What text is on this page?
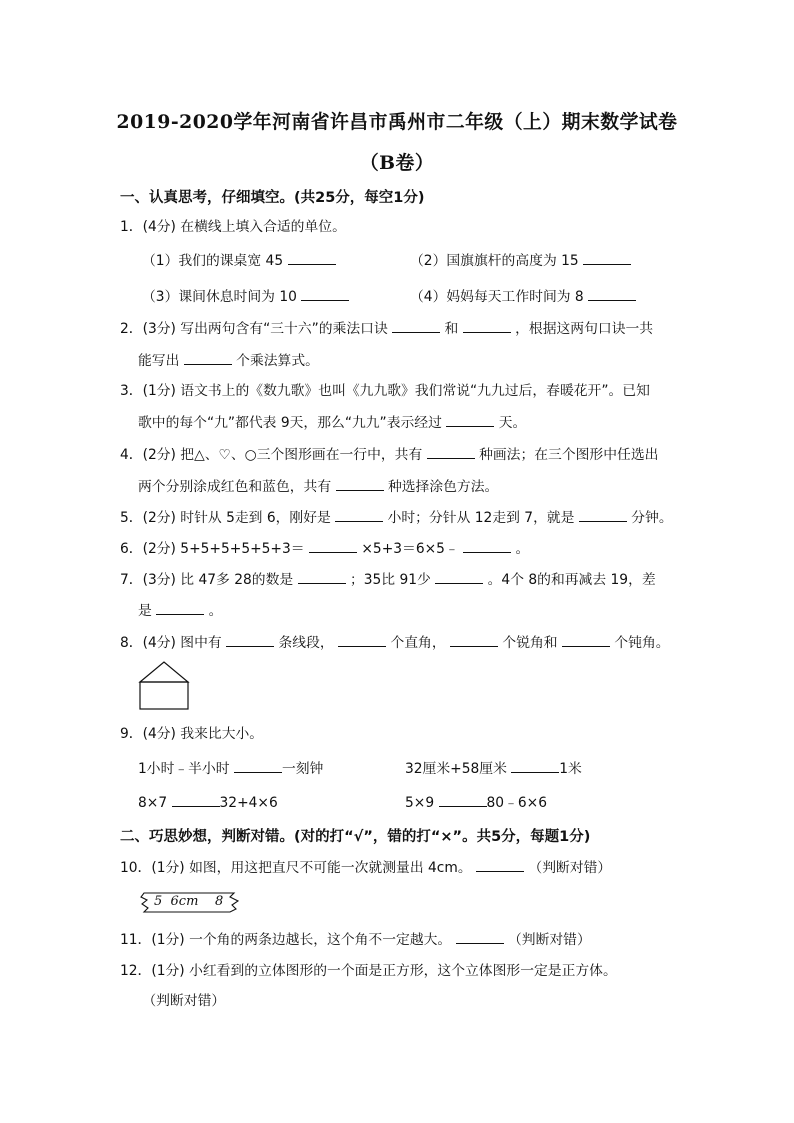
2019-2020学年河南省许昌市禹州市二年级（上）期末数学试卷
（B卷）
一、认真思考，仔细填空。(共25分，每空1分)
1．(4分) 在横线上填入合适的单位。
（1）我们的课桌宽 45	（2）国旗旗杆的高度为 15
（3）课间休息时间为 10	（4）妈妈每天工作时间为 8
2．(3分) 写出两句含有“三十六”的乘法口诀	和	，根据这两句口诀一共
能写出	个乘法算式。
3．(1分) 语文书上的《数九歌》也叫《九九歌》我们常说“九九过后，春暖花开”。已知
歌中的每个“九”都代表 9天，那么“九九”表示经过	天。
4．(2分) 把△、♡、○三个图形画在一行中，共有	种画法；在三个图形中任选出
两个分别涂成红色和蓝色，共有	种选择涂色方法。
5．(2分) 时针从 5走到 6，刚好是	小时；分针从 12走到 7，就是	分钟。
6．(2分) 5+5+5+5+5+3＝	×5+3＝6×5﹣	。
7．(3分) 比 47多 28的数是	；35比 91少	。4个 8的和再减去 19，差
是	。
8．(4分) 图中有	条线段，	个直角，	个锐角和	个钝角。
9．(4分) 我来比大小。
1小时﹣半小时	一刻钟	32厘米+58厘米	1米
8×7	32+4×6	5×9	80﹣6×6
二、巧思妙想，判断对错。(对的打“√”，错的打“×”。共5分，每题1分)
10．(1分) 如图，用这把直尺不可能一次就测量出 4cm。	（判断对错）
5  6cm    8
11．(1分) 一个角的两条边越长，这个角不一定越大。	（判断对错）
12．(1分) 小红看到的立体图形的一个面是正方形，这个立体图形一定是正方体。
（判断对错）
